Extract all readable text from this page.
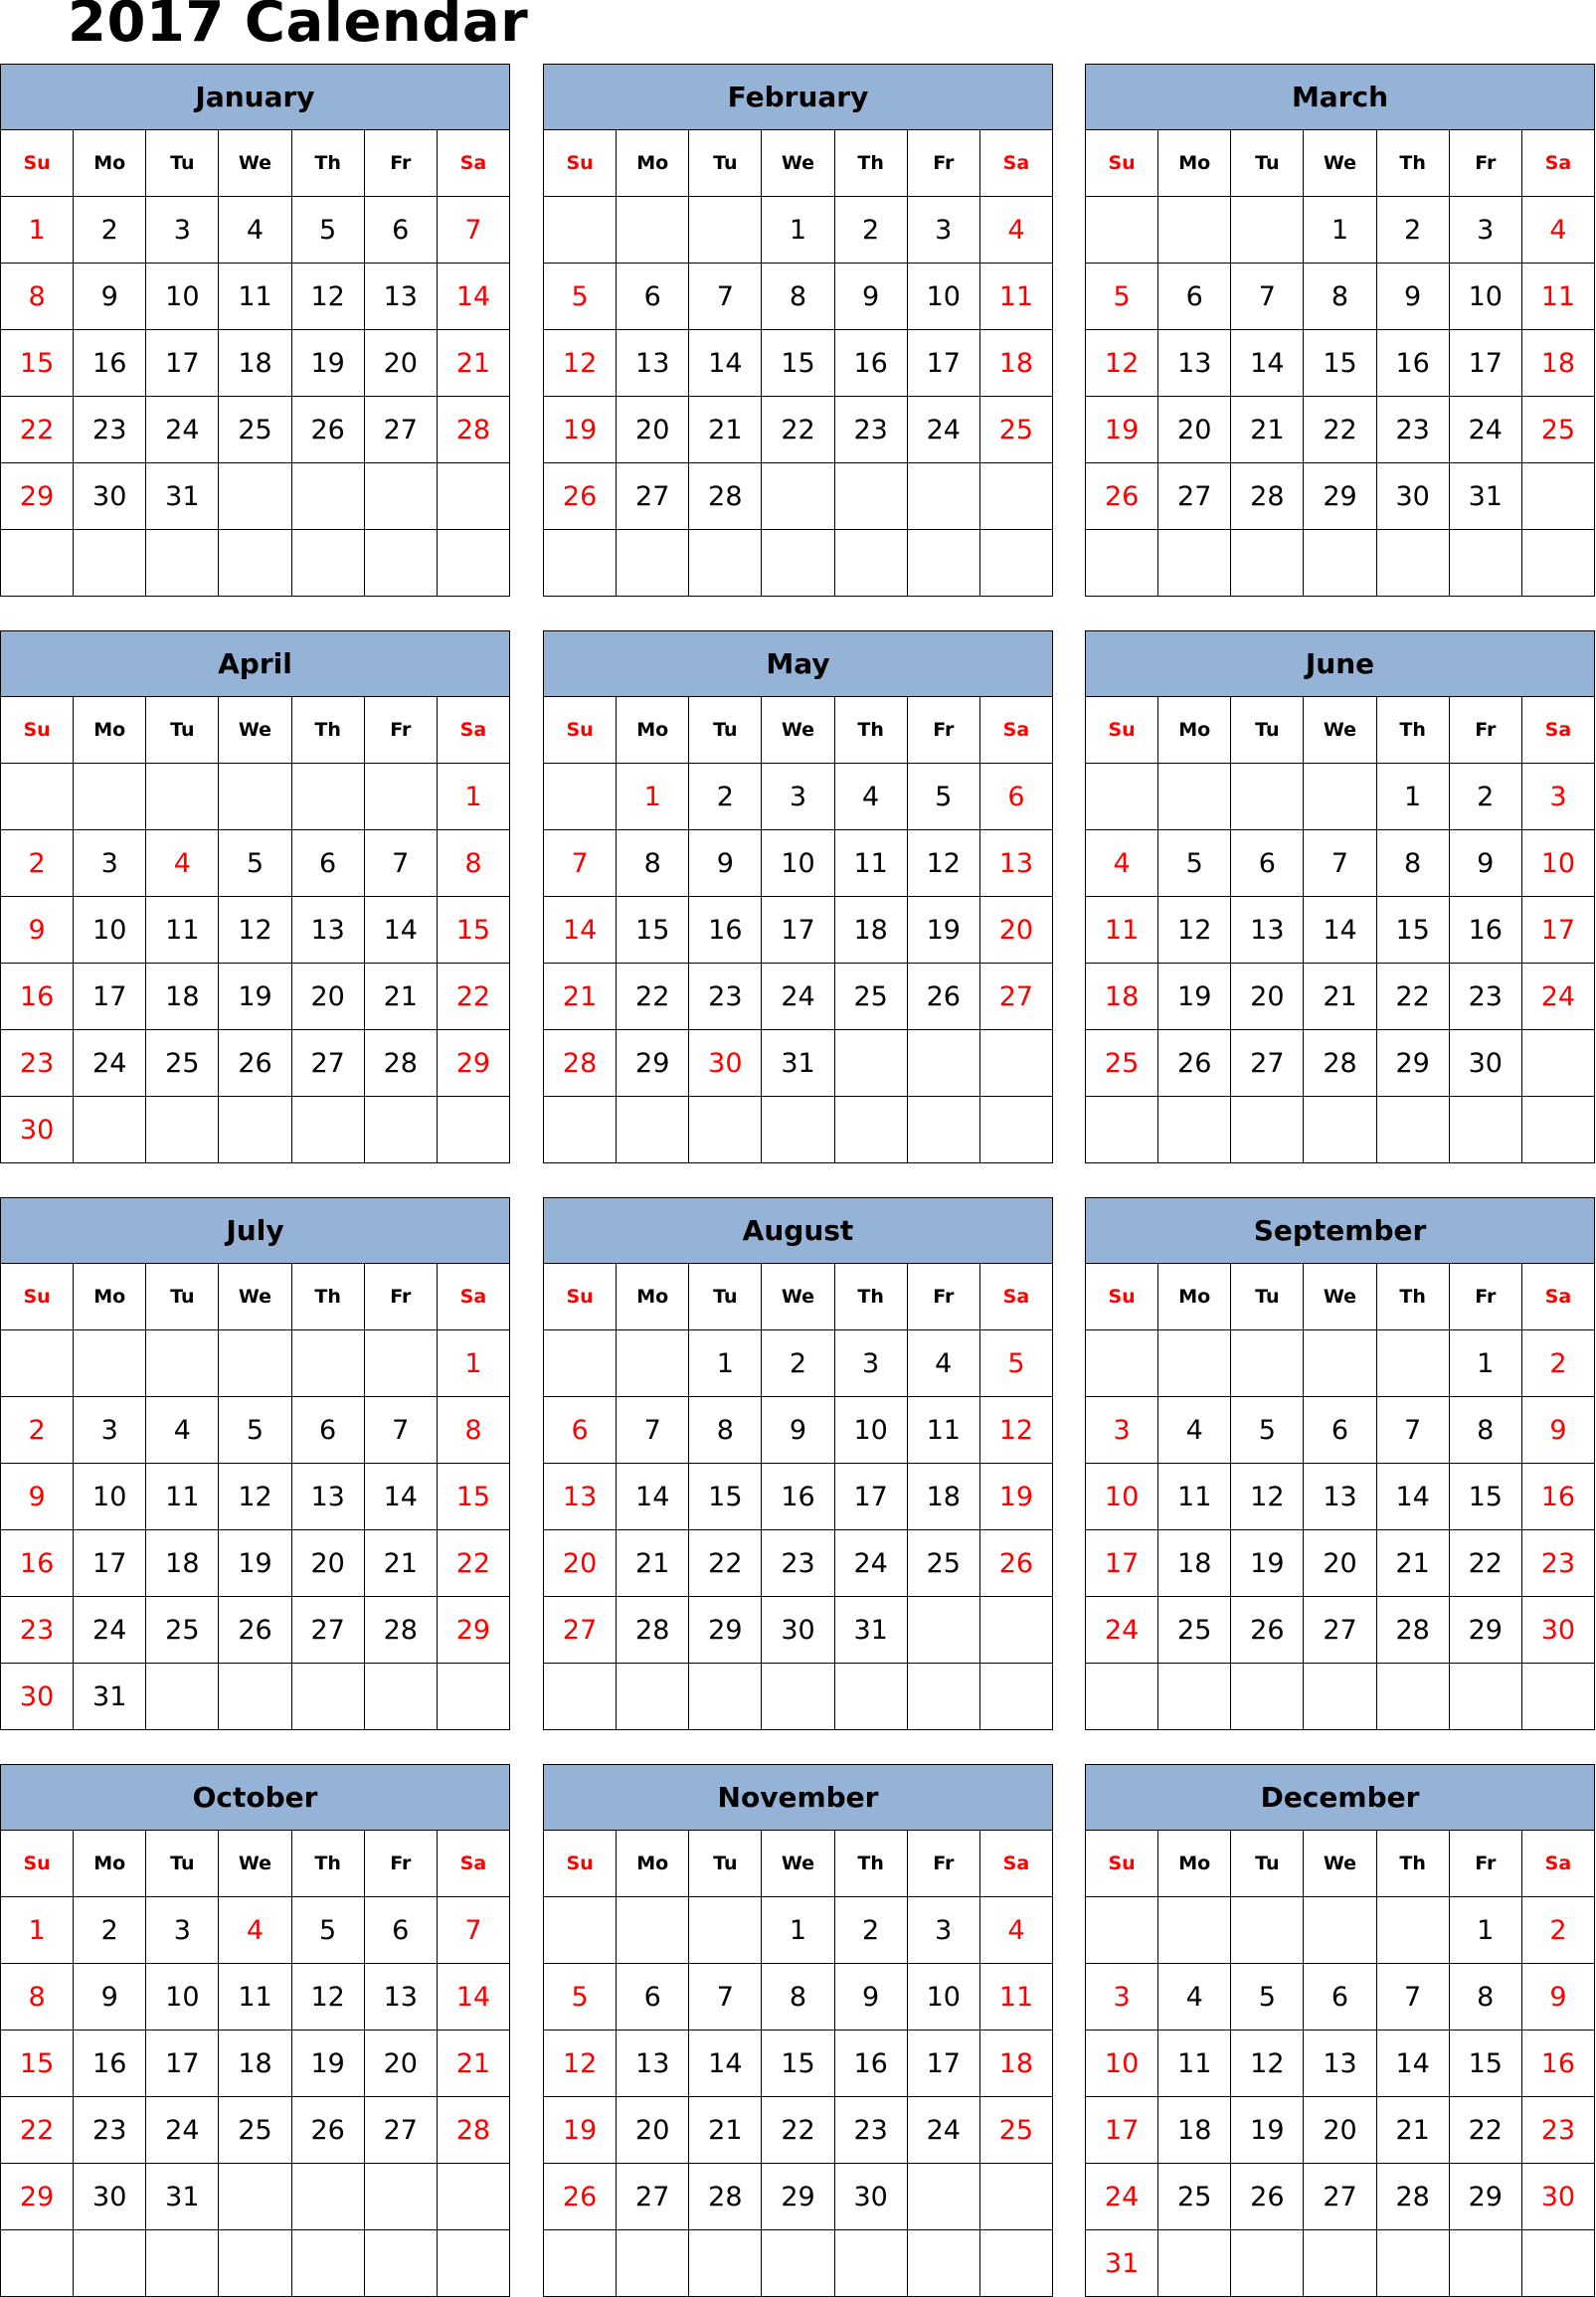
2017 Calendar
January						
Su	Mo	Tu	We	Th	Fr	Sa
1	2	3	4	5	6	7
8	9	10	11	12	13	14
15	16	17	18	19	20	21
22	23	24	25	26	27	28
29	30	31				

February						
Su	Mo	Tu	We	Th	Fr	Sa
			1	2	3	4
5	6	7	8	9	10	11
12	13	14	15	16	17	18
19	20	21	22	23	24	25
26	27	28				

March						
Su	Mo	Tu	We	Th	Fr	Sa
			1	2	3	4
5	6	7	8	9	10	11
12	13	14	15	16	17	18
19	20	21	22	23	24	25
26	27	28	29	30	31	

April						
Su	Mo	Tu	We	Th	Fr	Sa
						1
2	3	4	5	6	7	8
9	10	11	12	13	14	15
16	17	18	19	20	21	22
23	24	25	26	27	28	29
30						
May						
Su	Mo	Tu	We	Th	Fr	Sa
	1	2	3	4	5	6
7	8	9	10	11	12	13
14	15	16	17	18	19	20
21	22	23	24	25	26	27
28	29	30	31			

June						
Su	Mo	Tu	We	Th	Fr	Sa
				1	2	3
4	5	6	7	8	9	10
11	12	13	14	15	16	17
18	19	20	21	22	23	24
25	26	27	28	29	30	

July						
Su	Mo	Tu	We	Th	Fr	Sa
						1
2	3	4	5	6	7	8
9	10	11	12	13	14	15
16	17	18	19	20	21	22
23	24	25	26	27	28	29
30	31					
August						
Su	Mo	Tu	We	Th	Fr	Sa
		1	2	3	4	5
6	7	8	9	10	11	12
13	14	15	16	17	18	19
20	21	22	23	24	25	26
27	28	29	30	31		

September						
Su	Mo	Tu	We	Th	Fr	Sa
					1	2
3	4	5	6	7	8	9
10	11	12	13	14	15	16
17	18	19	20	21	22	23
24	25	26	27	28	29	30

October						
Su	Mo	Tu	We	Th	Fr	Sa
1	2	3	4	5	6	7
8	9	10	11	12	13	14
15	16	17	18	19	20	21
22	23	24	25	26	27	28
29	30	31				

November						
Su	Mo	Tu	We	Th	Fr	Sa
			1	2	3	4
5	6	7	8	9	10	11
12	13	14	15	16	17	18
19	20	21	22	23	24	25
26	27	28	29	30		

December						
Su	Mo	Tu	We	Th	Fr	Sa
					1	2
3	4	5	6	7	8	9
10	11	12	13	14	15	16
17	18	19	20	21	22	23
24	25	26	27	28	29	30
31						
